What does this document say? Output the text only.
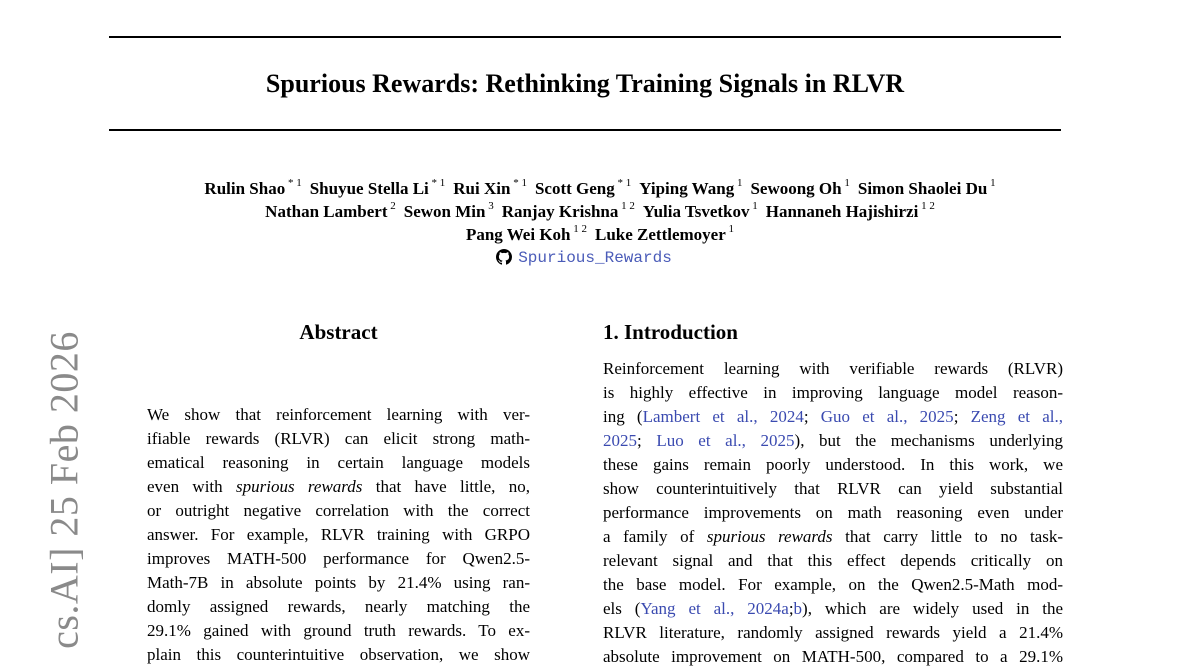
Spurious Rewards: Rethinking Training Signals in RLVR
Rulin Shao $^{* 1}$ Shuyue Stella Li $^{* 1}$ Rui Xin $^{* 1}$ Scott Geng $^{* 1}$ Yiping Wang $^1$ Sewoong Oh $^1$ Simon Shaolei Du $^1$
Nathan Lambert $^2$ Sewon Min $^3$ Ranjay Krishna $^{1 2}$ Yulia Tsvetkov $^1$ Hannaneh Hajishirzi $^{1 2}$
Pang Wei Koh $^{1 2}$ Luke Zettlemoyer $^1$
Spurious_Rewards
cs.AI] 25 Feb 2026	Abstract
We show that reinforcement learning with ver-
ifiable rewards (RLVR) can elicit strong math-
ematical reasoning in certain language models
even with spurious rewards that have little, no,
or outright negative correlation with the correct
answer. For example, RLVR training with GRPO
improves MATH-500 performance for Qwen2.5-
Math-7B in absolute points by 21.4% using ran-
domly assigned rewards, nearly matching the
29.1% gained with ground truth rewards. To ex-
plain this counterintuitive observation, we show
1. Introduction
Reinforcement learning with verifiable rewards (RLVR)
is highly effective in improving language model reason-
ing (Lambert et al., 2024; Guo et al., 2025; Zeng et al.,
2025; Luo et al., 2025), but the mechanisms underlying
these gains remain poorly understood. In this work, we
show counterintuitively that RLVR can yield substantial
performance improvements on math reasoning even under
a family of spurious rewards that carry little to no task-
relevant signal and that this effect depends critically on
the base model. For example, on the Qwen2.5-Math mod-
els (Yang et al., 2024a;b), which are widely used in the
RLVR literature, randomly assigned rewards yield a 21.4%
absolute improvement on MATH-500, compared to a 29.1%
